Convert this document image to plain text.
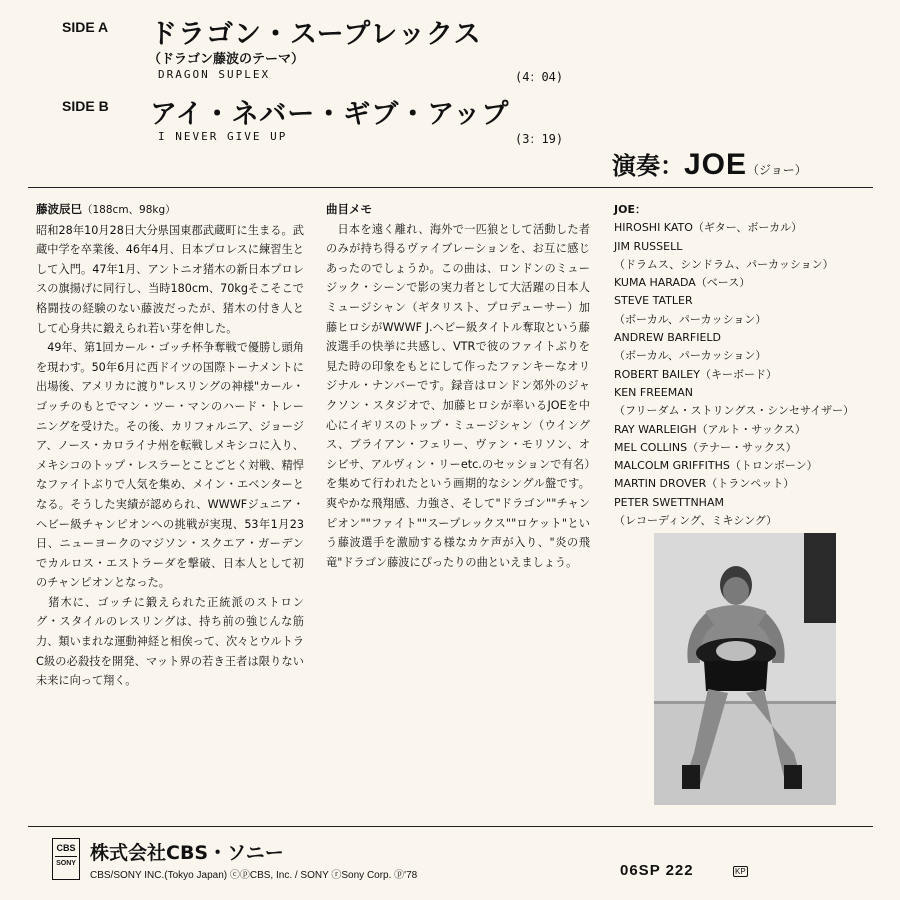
SIDE A ドラゴン・スープレックス
（ドラゴン藤波のテーマ）
DRAGON SUPLEX	(4：04)
SIDE B アイ・ネバー・ギブ・アップ
I NEVER GIVE UP	(3：19)
演奏：JOE（ジョー）
藤波辰巳（188cm、98kg）

昭和28年10月28日大分県国東郡武蔵町に生まる。武蔵中学を卒業後、46年4月、日本プロレスに練習生として入門。47年1月、アントニオ猪木の新日本プロレスの旗揚げに同行し、当時180cm、70kgそこそこで格闘技の経験のない藤波だったが、猪木の付き人として心身共に鍛えられ若い芽を伸した。

　49年、第1回カール・ゴッチ杯争奪戦で優勝し頭角を現わす。50年6月に西ドイツの国際トーナメントに出場後、アメリカに渡り"レスリングの神様"カール・ゴッチのもとでマン・ツー・マンのハード・トレーニングを受けた。その後、カリフォルニア、ジョージア、ノース・カロライナ州を転戦しメキシコに入り、メキシコのトップ・レスラーとことごとく対戦、精悍なファイトぶりで人気を集め、メイン・エベンターとなる。そうした実績が認められ、WWWFジュニア・ヘビー級チャンピオンへの挑戦が実現、53年1月23日、ニューヨークのマジソン・スクエア・ガーデンでカルロス・エストラーダを撃破、日本人として初のチャンピオンとなった。

　猪木に、ゴッチに鍛えられた正統派のストロング・スタイルのレスリングは、持ち前の強じんな筋力、類いまれな運動神経と相俟って、次々とウルトラC級の必殺技を開発、マット界の若き王者は限りない未来に向って翔く。

曲目メモ

　日本を遠く離れ、海外で一匹狼として活動した者のみが持ち得るヴァイブレーションを、お互に感じあったのでしょうか。この曲は、ロンドンのミュージック・シーンで影の実力者として大活躍の日本人ミュージシャン（ギタリスト、プロデューサー）加藤ヒロシがWWWF J.ヘビー級タイトル奪取という藤波選手の快挙に共感し、VTRで彼のファイトぶりを見た時の印象をもとにして作ったファンキーなオリジナル・ナンバーです。録音はロンドン郊外のジャクソン・スタジオで、加藤ヒロシが率いるJOEを中心にイギリスのトップ・ミュージシャン（ウイングス、ブライアン・フェリー、ヴァン・モリソン、オシビサ、アルヴィン・リーetc.のセッションで有名）を集めて行われたという画期的なシングル盤です。爽やかな飛翔感、力強さ、そして"ドラゴン""チャンピオン""ファイト""スープレックス""ロケット"という藤波選手を激励する様なカケ声が入り、"炎の飛竜"ドラゴン藤波にぴったりの曲といえましょう。

JOE：
HIROSHI KATO（ギター、ボーカル）
JIM RUSSELL
（ドラムス、シンドラム、パーカッション）
KUMA HARADA（ベース）
STEVE TATLER
（ボーカル、パーカッション）
ANDREW BARFIELD
（ボーカル、パーカッション）
ROBERT BAILEY（キーボード）
KEN FREEMAN
（フリーダム・ストリングス・シンセサイザー）
RAY WARLEIGH（アルト・サックス）
MEL COLLINS（テナー・サックス）
MALCOLM GRIFFITHS（トロンボーン）
MARTIN DROVER（トランペット）
PETER SWETTNHAM
（レコーディング、ミキシング）
CBS
SONY 株式会社CBS・ソニー
CBS/SONY INC.(Tokyo Japan) ⓒⓟCBS, Inc. / SONY ⓡSony Corp. ⓟ'78	06SP 222	KP
